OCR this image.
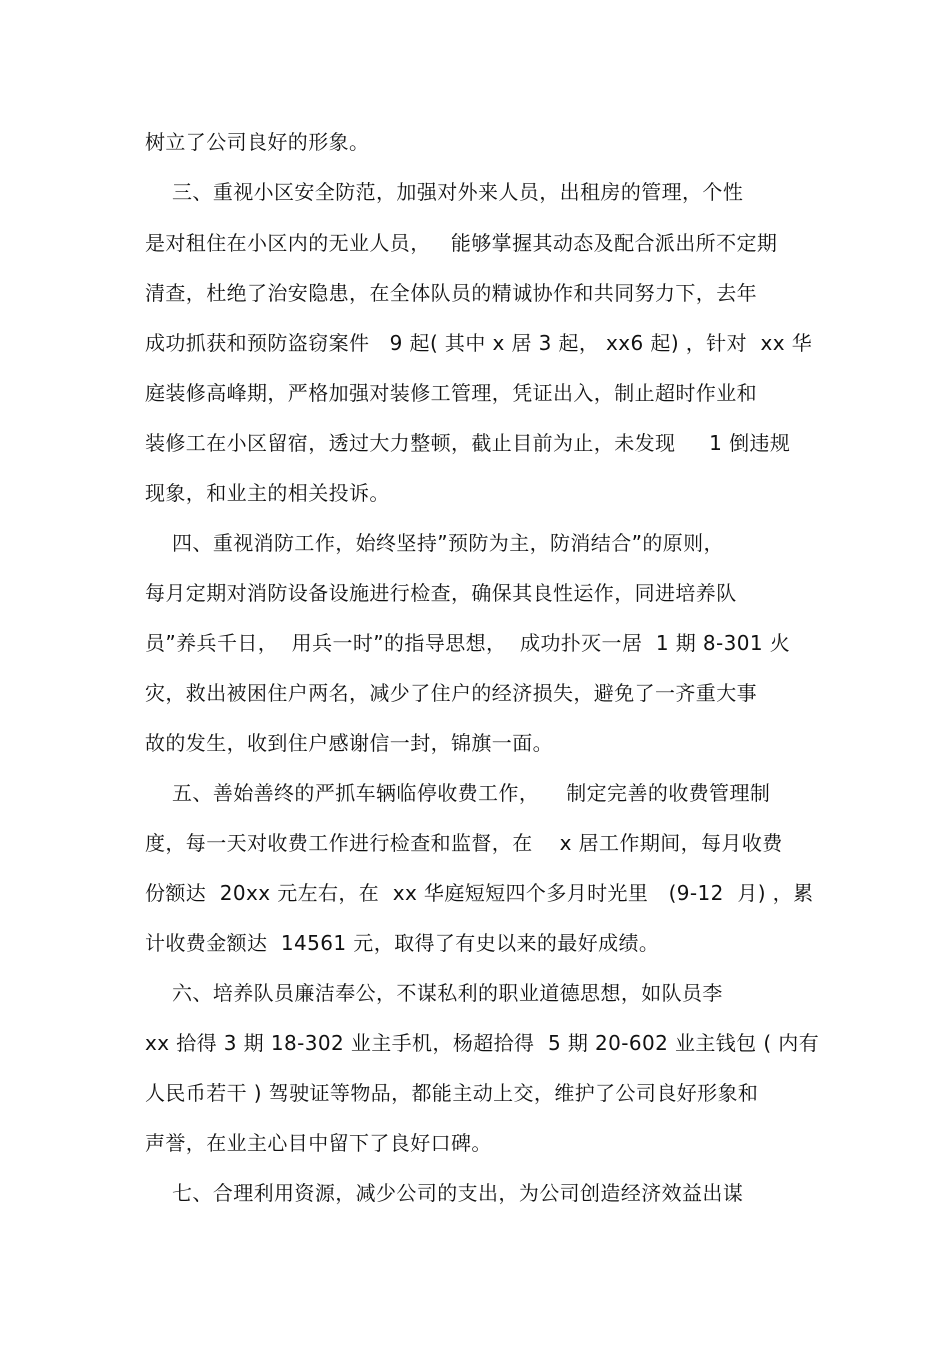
树立了公司良好的形象。
三、重视小区安全防范，加强对外来人员，出租房的管理，个性
是对租住在小区内的无业人员，   能够掌握其动态及配合派出所不定期
清查，杜绝了治安隐患，在全体队员的精诚协作和共同努力下，去年
成功抓获和预防盗窃案件   9 起( 其中 x 居 3 起， xx6 起) ，针对  xx 华
庭装修高峰期，严格加强对装修工管理，凭证出入，制止超时作业和
装修工在小区留宿，透过大力整顿，截止目前为止，未发现     1 倒违规
现象，和业主的相关投诉。
四、重视消防工作，始终坚持”预防为主，防消结合”的原则，
每月定期对消防设备设施进行检查，确保其良性运作，同进培养队
员”养兵千日，  用兵一时”的指导思想，  成功扑灭一居  1 期 8-301 火
灾，救出被困住户两名，减少了住户的经济损失，避免了一齐重大事
故的发生，收到住户感谢信一封，锦旗一面。
五、善始善终的严抓车辆临停收费工作，    制定完善的收费管理制
度，每一天对收费工作进行检查和监督，在    x 居工作期间，每月收费
份额达  20xx 元左右，在  xx 华庭短短四个多月时光里   (9-12  月) ，累
计收费金额达  14561 元，取得了有史以来的最好成绩。
六、培养队员廉洁奉公，不谋私利的职业道德思想，如队员李
xx 拾得 3 期 18-302 业主手机，杨超拾得  5 期 20-602 业主钱包 ( 内有
人民币若干 ) 驾驶证等物品，都能主动上交，维护了公司良好形象和
声誉，在业主心目中留下了良好口碑。
七、合理利用资源，减少公司的支出，为公司创造经济效益出谋
